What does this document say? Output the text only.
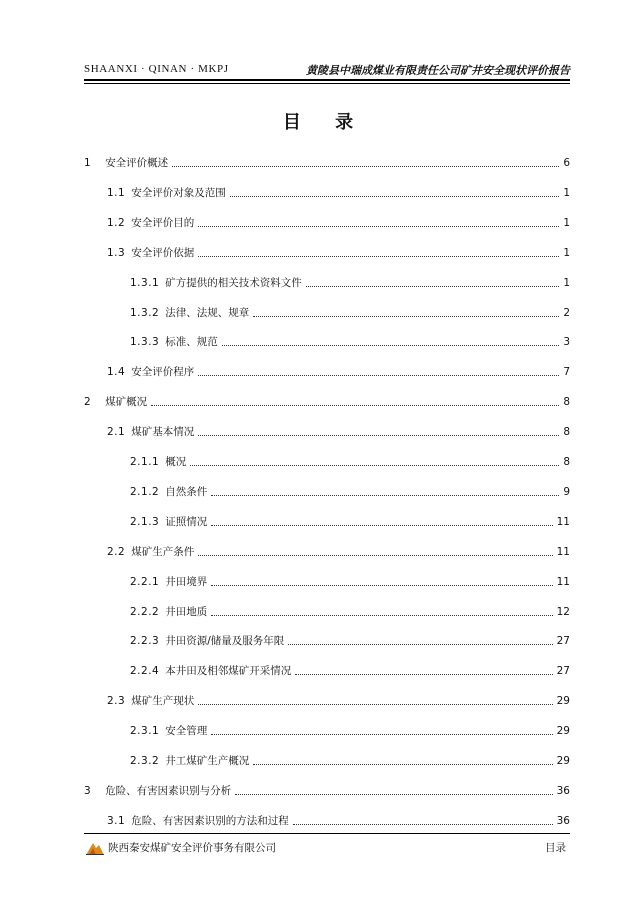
SHAANXI · QINAN · MKPJ	黄陵县中瑞成煤业有限责任公司矿井安全现状评价报告
目 录
1 安全评价概述	6
1.1 安全评价对象及范围	1
1.2 安全评价目的	1
1.3 安全评价依据	1
1.3.1 矿方提供的相关技术资料文件	1
1.3.2 法律、法规、规章	2
1.3.3 标准、规范	3
1.4 安全评价程序	7
2 煤矿概况	8
2.1 煤矿基本情况	8
2.1.1 概况	8
2.1.2 自然条件	9
2.1.3 证照情况	11
2.2 煤矿生产条件	11
2.2.1 井田境界	11
2.2.2 井田地质	12
2.2.3 井田资源/储量及服务年限	27
2.2.4 本井田及相邻煤矿开采情况	27
2.3 煤矿生产现状	29
2.3.1 安全管理	29
2.3.2 井工煤矿生产概况	29
3 危险、有害因素识别与分析	36
3.1 危险、有害因素识别的方法和过程	36
陕西秦安煤矿安全评价事务有限公司	目录
